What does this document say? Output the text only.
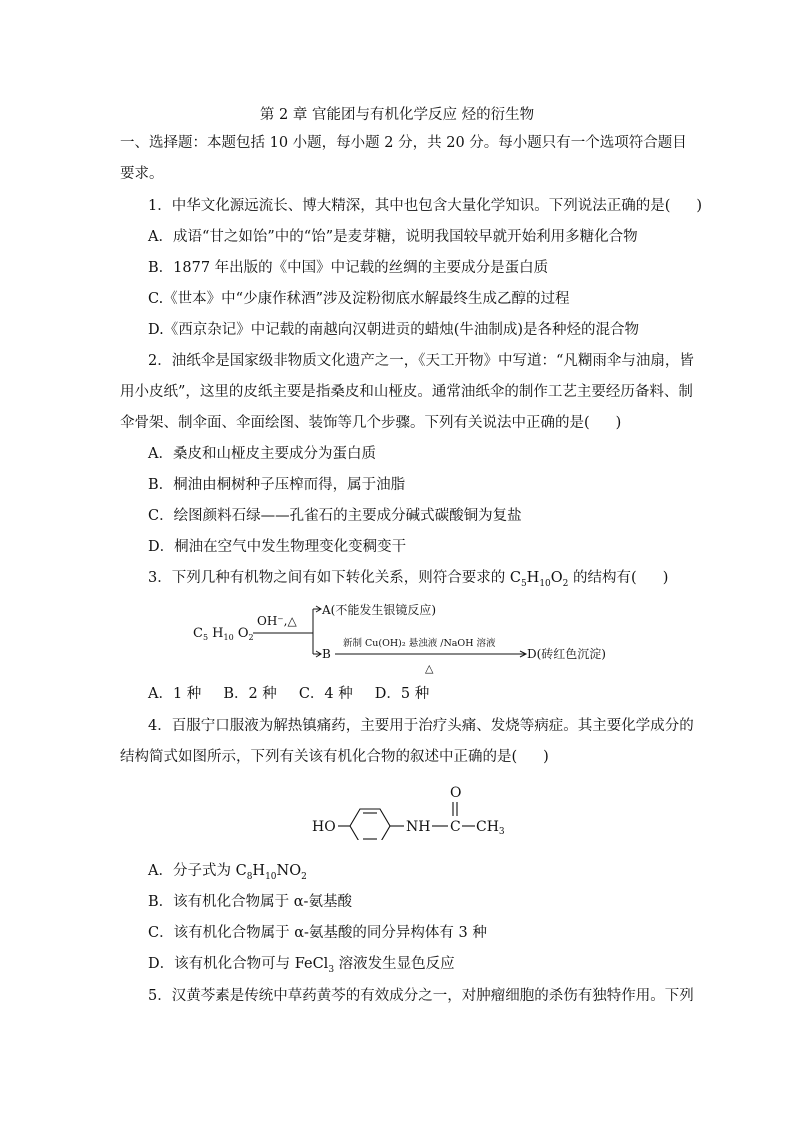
第 2 章 官能团与有机化学反应 烃的衍生物
一、选择题：本题包括 10 小题，每小题 2 分，共 20 分。每小题只有一个选项符合题目
要求。
1．中华文化源远流长、博大精深，其中也包含大量化学知识。下列说法正确的是( )
A．成语“甘之如饴”中的“饴”是麦芽糖，说明我国较早就开始利用多糖化合物
B．1877 年出版的《中国》中记载的丝绸的主要成分是蛋白质
C.《世本》中“少康作秫酒”涉及淀粉彻底水解最终生成乙醇的过程
D.《西京杂记》中记载的南越向汉朝进贡的蜡烛(牛油制成)是各种烃的混合物
2．油纸伞是国家级非物质文化遗产之一，《天工开物》中写道：“凡糊雨伞与油扇，皆
用小皮纸”，这里的皮纸主要是指桑皮和山桠皮。通常油纸伞的制作工艺主要经历备料、制
伞骨架、制伞面、伞面绘图、装饰等几个步骤。下列有关说法中正确的是( )
A．桑皮和山桠皮主要成分为蛋白质
B．桐油由桐树种子压榨而得，属于油脂
C．绘图颜料石绿——孔雀石的主要成分碱式碳酸铜为复盐
D．桐油在空气中发生物理变化变稠变干
3．下列几种有机物之间有如下转化关系，则符合要求的 $C_5H_{10}O_2$ 的结构有( )
$C_5$ $H_{10}$ $O_2$
OH⁻,△
A(不能发生银镜反应)
B
新制 Cu(OH)₂ 悬浊液 /NaOH 溶液
△
D(砖红色沉淀)
A．1 种 B．2 种 C．4 种 D．5 种
4．百服宁口服液为解热镇痛药，主要用于治疗头痛、发烧等病症。其主要化学成分的
结构简式如图所示，下列有关该有机化合物的叙述中正确的是( )
HO	NH
O
C $CH_3$
A．分子式为 $C_8H_{10}NO_2$
B．该有机化合物属于 α-氨基酸
C．该有机化合物属于 α-氨基酸的同分异构体有 3 种
D．该有机化合物可与 FeCl$_3$ 溶液发生显色反应
5．汉黄芩素是传统中草药黄芩的有效成分之一，对肿瘤细胞的杀伤有独特作用。下列
